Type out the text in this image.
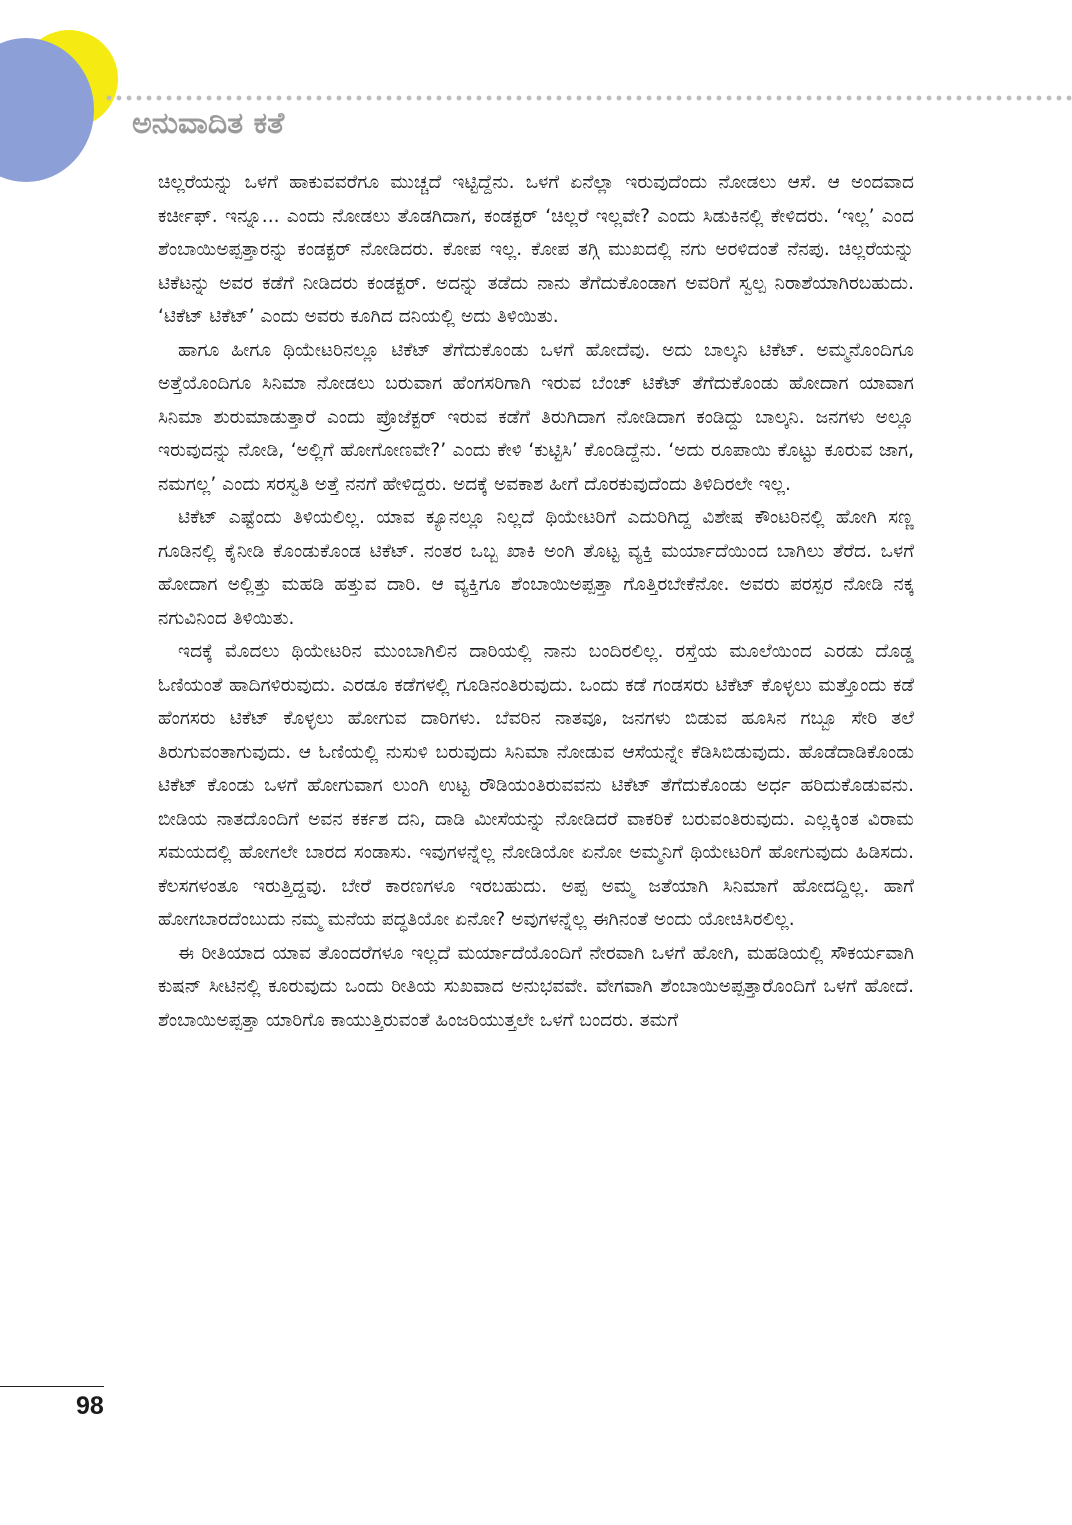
ಅನುವಾದಿತ ಕತೆ

ಚಿಲ್ಲರೆಯನ್ನು ಒಳಗೆ ಹಾಕುವವರೆಗೂ ಮುಚ್ಚದೆ ಇಟ್ಟಿದ್ದೆನು. ಒಳಗೆ ಏನೆಲ್ಲಾ ಇರುವುದೆಂದು ನೋಡಲು ಆಸೆ. ಆ ಅಂದವಾದ ಕರ್ಚೀಫ್. ಇನ್ನೂ... ಎಂದು ನೋಡಲು ತೊಡಗಿದಾಗ, ಕಂಡಕ್ಟರ್ ‘ಚಿಲ್ಲರೆ ಇಲ್ಲವೇ? ಎಂದು ಸಿಡುಕಿನಲ್ಲಿ ಕೇಳಿದರು. ‘ಇಲ್ಲ’ ಎಂದ ಶೆಂಬಾಯಿಅಪ್ಪತ್ತಾರನ್ನು ಕಂಡಕ್ಟರ್ ನೋಡಿದರು. ಕೋಪ ಇಲ್ಲ. ಕೋಪ ತಗ್ಗಿ ಮುಖದಲ್ಲಿ ನಗು ಅರಳಿದಂತೆ ನೆನಪು. ಚಿಲ್ಲರೆಯನ್ನು ಟಿಕೆಟನ್ನು ಅವರ ಕಡೆಗೆ ನೀಡಿದರು ಕಂಡಕ್ಟರ್. ಅದನ್ನು ತಡೆದು ನಾನು ತೆಗೆದುಕೊಂಡಾಗ ಅವರಿಗೆ ಸ್ವಲ್ಪ ನಿರಾಶೆಯಾಗಿರಬಹುದು. ‘ಟಿಕೆಟ್ ಟಿಕೆಟ್’ ಎಂದು ಅವರು ಕೂಗಿದ ದನಿಯಲ್ಲಿ ಅದು ತಿಳಿಯಿತು.

ಹಾಗೂ ಹೀಗೂ ಥಿಯೇಟರಿನಲ್ಲೂ ಟಿಕೆಟ್ ತೆಗೆದುಕೊಂಡು ಒಳಗೆ ಹೋದೆವು. ಅದು ಬಾಲ್ಕನಿ ಟಿಕೆಟ್. ಅಮ್ಮನೊಂದಿಗೂ ಅತ್ತೆಯೊಂದಿಗೂ ಸಿನಿಮಾ ನೋಡಲು ಬರುವಾಗ ಹೆಂಗಸರಿಗಾಗಿ ಇರುವ ಬೆಂಚ್ ಟಿಕೆಟ್ ತೆಗೆದುಕೊಂಡು ಹೋದಾಗ ಯಾವಾಗ ಸಿನಿಮಾ ಶುರುಮಾಡುತ್ತಾರೆ ಎಂದು ಪ್ರೊಜೆಕ್ಟರ್ ಇರುವ ಕಡೆಗೆ ತಿರುಗಿದಾಗ ನೋಡಿದಾಗ ಕಂಡಿದ್ದು ಬಾಲ್ಕನಿ. ಜನಗಳು ಅಲ್ಲೂ ಇರುವುದನ್ನು ನೋಡಿ, ‘ಅಲ್ಲಿಗೆ ಹೋಗೋಣವೇ?’ ಎಂದು ಕೇಳಿ ‘ಕುಟ್ಟಿಸಿ’ ಕೊಂಡಿದ್ದೆನು. ‘ಅದು ರೂಪಾಯಿ ಕೊಟ್ಟು ಕೂರುವ ಜಾಗ, ನಮಗಲ್ಲ’ ಎಂದು ಸರಸ್ವತಿ ಅತ್ತೆ ನನಗೆ ಹೇಳಿದ್ದರು. ಅದಕ್ಕೆ ಅವಕಾಶ ಹೀಗೆ ದೊರಕುವುದೆಂದು ತಿಳಿದಿರಲೇ ಇಲ್ಲ.

ಟಿಕೆಟ್ ಎಷ್ಟೆಂದು ತಿಳಿಯಲಿಲ್ಲ. ಯಾವ ಕ್ಯೂನಲ್ಲೂ ನಿಲ್ಲದೆ ಥಿಯೇಟರಿಗೆ ಎದುರಿಗಿದ್ದ ವಿಶೇಷ ಕೌಂಟರಿನಲ್ಲಿ ಹೋಗಿ ಸಣ್ಣ ಗೂಡಿನಲ್ಲಿ ಕೈನೀಡಿ ಕೊಂಡುಕೊಂಡ ಟಿಕೆಟ್. ನಂತರ ಒಬ್ಬ ಖಾಕಿ ಅಂಗಿ ತೊಟ್ಟ ವ್ಯಕ್ತಿ ಮರ್ಯಾದೆಯಿಂದ ಬಾಗಿಲು ತೆರೆದ. ಒಳಗೆ ಹೋದಾಗ ಅಲ್ಲಿತ್ತು ಮಹಡಿ ಹತ್ತುವ ದಾರಿ. ಆ ವ್ಯಕ್ತಿಗೂ ಶೆಂಬಾಯಿಅಪ್ಪತ್ತಾ ಗೊತ್ತಿರಬೇಕೆನೋ. ಅವರು ಪರಸ್ಪರ ನೋಡಿ ನಕ್ಕ ನಗುವಿನಿಂದ ತಿಳಿಯಿತು.

ಇದಕ್ಕೆ ಮೊದಲು ಥಿಯೇಟರಿನ ಮುಂಬಾಗಿಲಿನ ದಾರಿಯಲ್ಲಿ ನಾನು ಬಂದಿರಲಿಲ್ಲ. ರಸ್ತೆಯ ಮೂಲೆಯಿಂದ ಎರಡು ದೊಡ್ಡ ಓಣಿಯಂತೆ ಹಾದಿಗಳಿರುವುದು. ಎರಡೂ ಕಡೆಗಳಲ್ಲಿ ಗೂಡಿನಂತಿರುವುದು. ಒಂದು ಕಡೆ ಗಂಡಸರು ಟಿಕೆಟ್ ಕೊಳ್ಳಲು ಮತ್ತೊಂದು ಕಡೆ ಹೆಂಗಸರು ಟಿಕೆಟ್ ಕೊಳ್ಳಲು ಹೋಗುವ ದಾರಿಗಳು. ಬೆವರಿನ ನಾತವೂ, ಜನಗಳು ಬಿಡುವ ಹೂಸಿನ ಗಬ್ಬೂ ಸೇರಿ ತಲೆ ತಿರುಗುವಂತಾಗುವುದು. ಆ ಓಣಿಯಲ್ಲಿ ನುಸುಳಿ ಬರುವುದು ಸಿನಿಮಾ ನೋಡುವ ಆಸೆಯನ್ನೇ ಕೆಡಿಸಿಬಿಡುವುದು. ಹೊಡೆದಾಡಿಕೊಂಡು ಟಿಕೆಟ್ ಕೊಂಡು ಒಳಗೆ ಹೋಗುವಾಗ ಲುಂಗಿ ಉಟ್ಟ ರೌಡಿಯಂತಿರುವವನು ಟಿಕೆಟ್ ತೆಗೆದುಕೊಂಡು ಅರ್ಧ ಹರಿದುಕೊಡುವನು. ಬೀಡಿಯ ನಾತದೊಂದಿಗೆ ಅವನ ಕರ್ಕಶ ದನಿ, ದಾಡಿ ಮೀಸೆಯನ್ನು ನೋಡಿದರೆ ವಾಕರಿಕೆ ಬರುವಂತಿರುವುದು. ಎಲ್ಲಕ್ಕಿಂತ ವಿರಾಮ ಸಮಯದಲ್ಲಿ ಹೋಗಲೇ ಬಾರದ ಸಂಡಾಸು. ಇವುಗಳನ್ನೆಲ್ಲ ನೋಡಿಯೋ ಏನೋ ಅಮ್ಮನಿಗೆ ಥಿಯೇಟರಿಗೆ ಹೋಗುವುದು ಹಿಡಿಸದು. ಕೆಲಸಗಳಂತೂ ಇರುತ್ತಿದ್ದವು. ಬೇರೆ ಕಾರಣಗಳೂ ಇರಬಹುದು. ಅಪ್ಪ ಅಮ್ಮ ಜತೆಯಾಗಿ ಸಿನಿಮಾಗೆ ಹೋದದ್ದಿಲ್ಲ. ಹಾಗೆ ಹೋಗಬಾರದೆಂಬುದು ನಮ್ಮ ಮನೆಯ ಪದ್ಧತಿಯೋ ಏನೋ? ಅವುಗಳನ್ನೆಲ್ಲ ಈಗಿನಂತೆ ಅಂದು ಯೋಚಿಸಿರಲಿಲ್ಲ.

ಈ ರೀತಿಯಾದ ಯಾವ ತೊಂದರೆಗಳೂ ಇಲ್ಲದೆ ಮರ್ಯಾದೆಯೊಂದಿಗೆ ನೇರವಾಗಿ ಒಳಗೆ ಹೋಗಿ, ಮಹಡಿಯಲ್ಲಿ ಸೌಕರ್ಯವಾಗಿ ಕುಷನ್ ಸೀಟಿನಲ್ಲಿ ಕೂರುವುದು ಒಂದು ರೀತಿಯ ಸುಖವಾದ ಅನುಭವವೇ. ವೇಗವಾಗಿ ಶೆಂಬಾಯಿಅಪ್ಪತ್ತಾರೊಂದಿಗೆ ಒಳಗೆ ಹೋದೆ. ಶೆಂಬಾಯಿಅಪ್ಪತ್ತಾ ಯಾರಿಗೊ ಕಾಯುತ್ತಿರುವಂತೆ ಹಿಂಜರಿಯುತ್ತಲೇ ಒಳಗೆ ಬಂದರು. ತಮಗೆ

98
